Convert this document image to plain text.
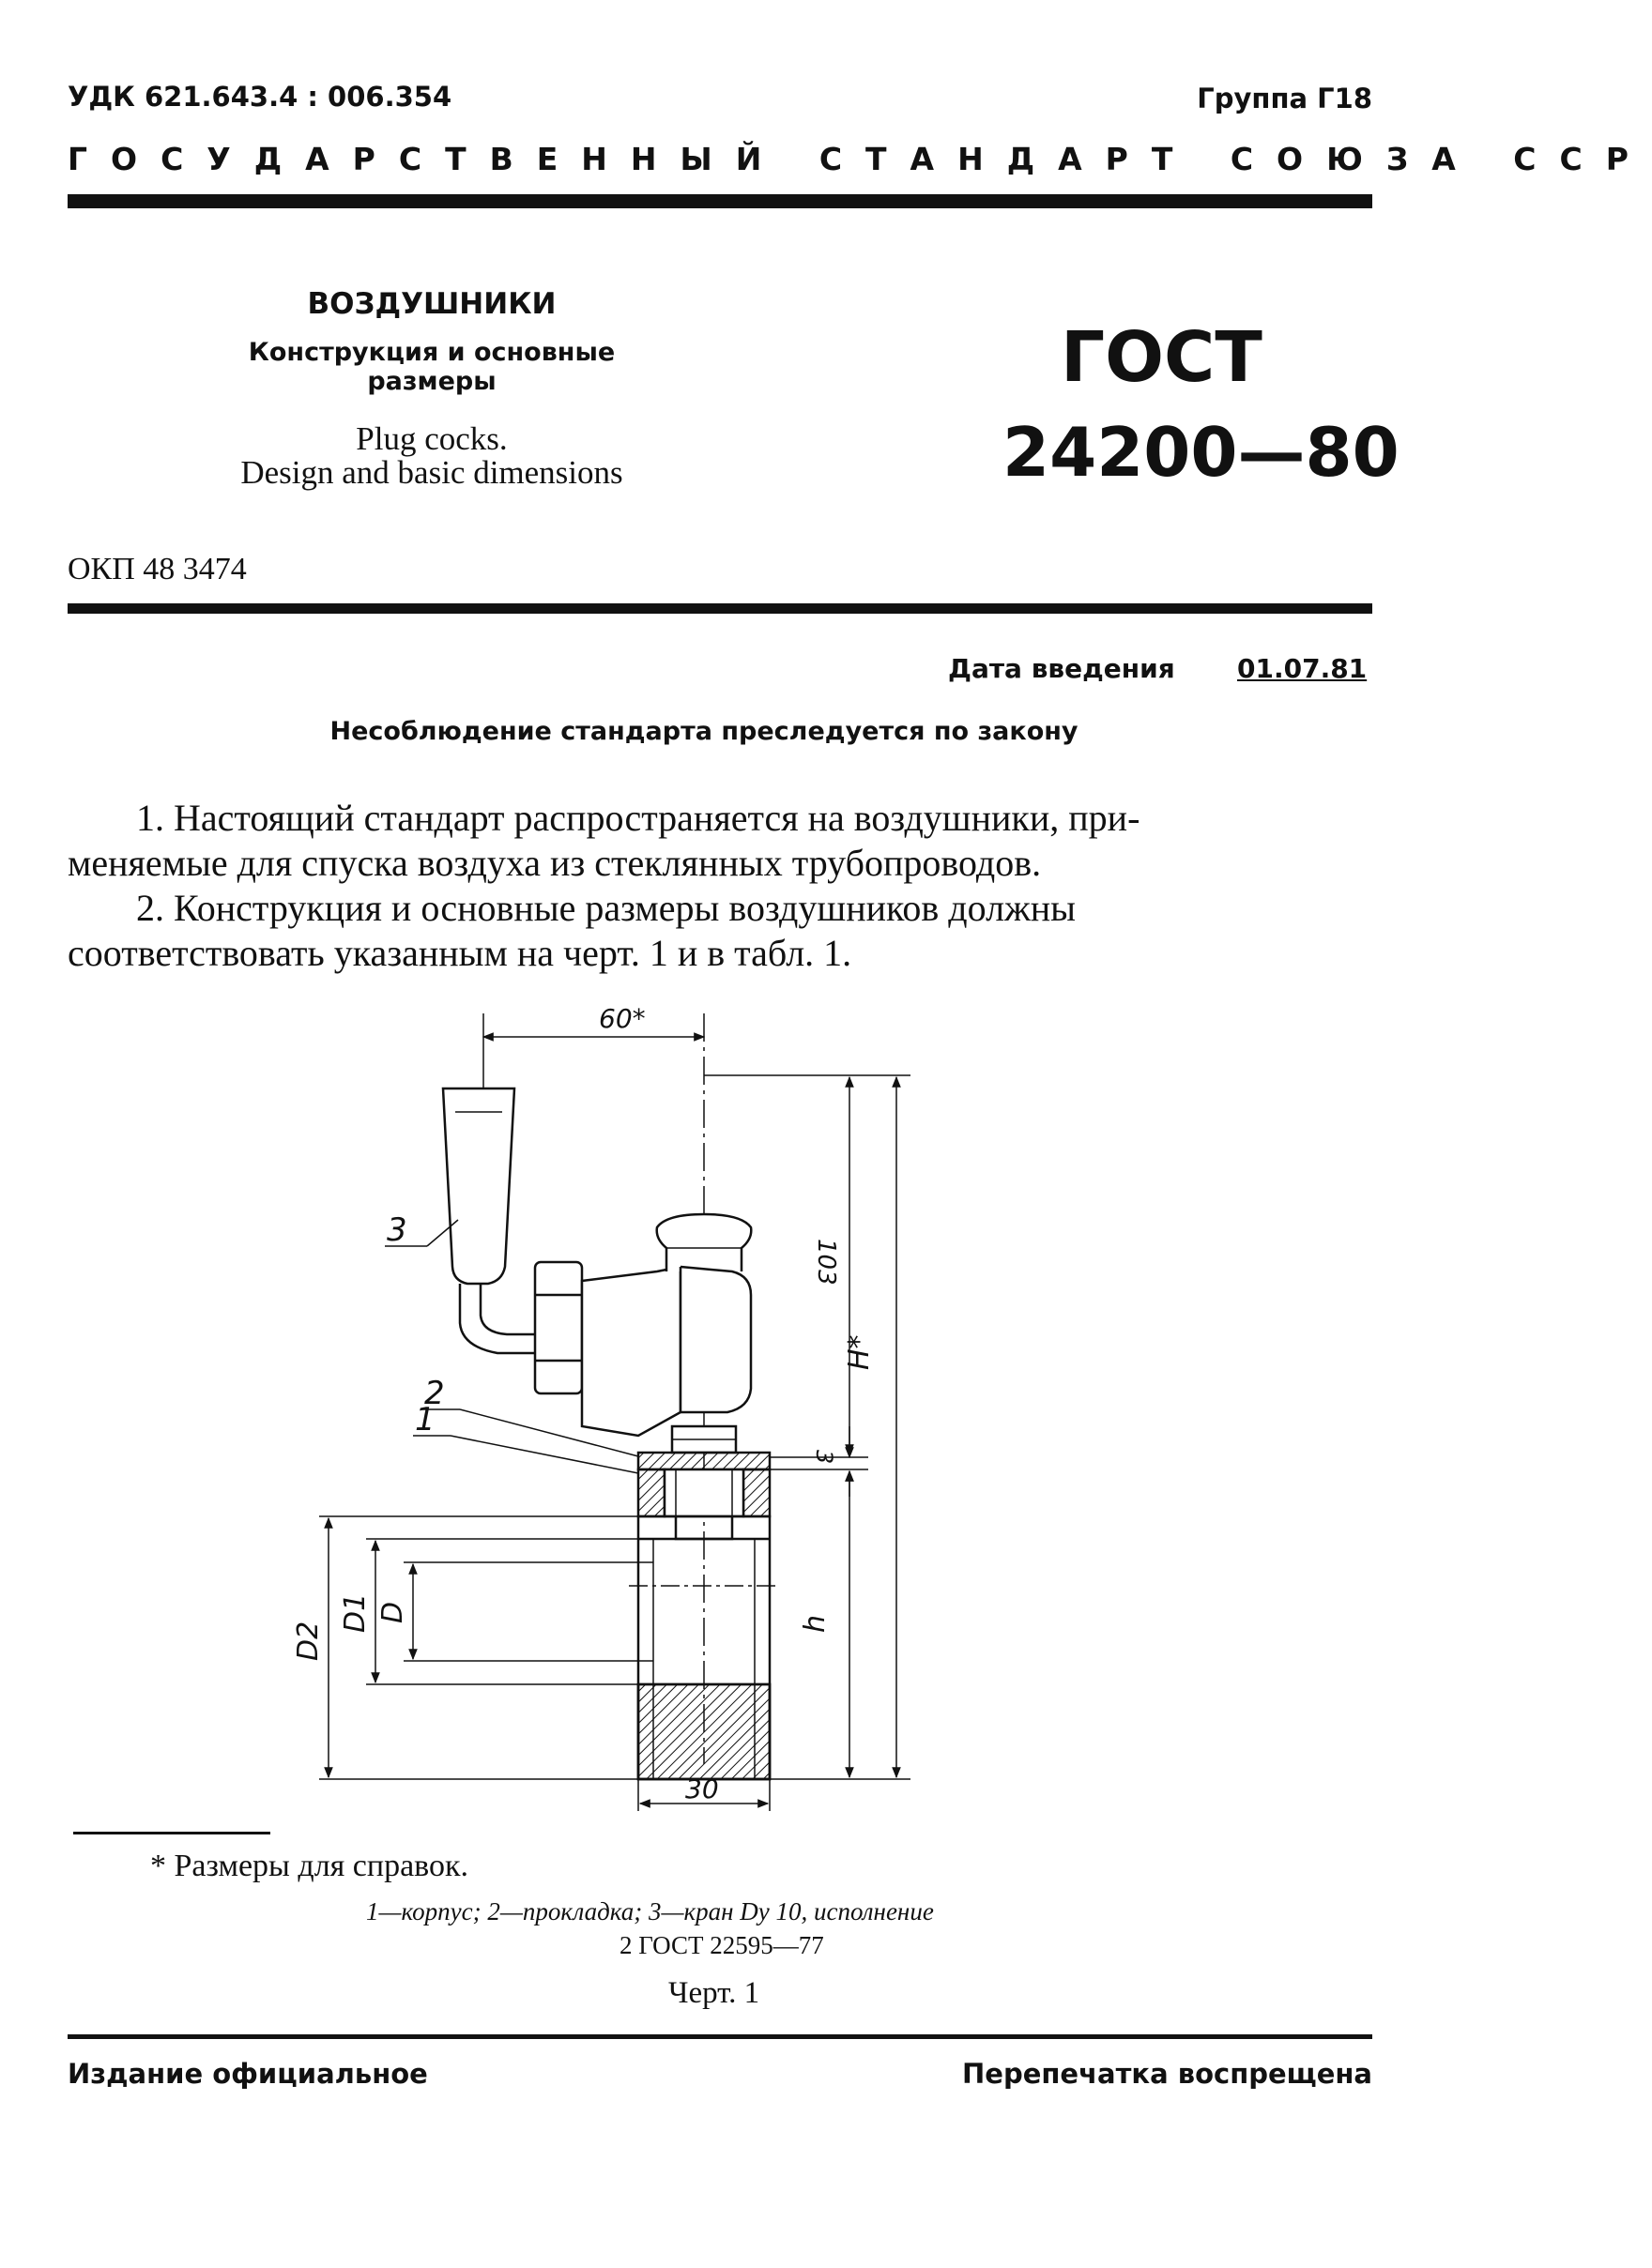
УДК 621.643.4 : 006.354	Группа Г18
ГОСУДАРСТВЕННЫЙ СТАНДАРТ СОЮЗА ССР
ВОЗДУШНИКИ
Конструкция и основные размеры
Plug cocks.
Design and basic dimensions
ГОСТ
24200—80
ОКП 48 3474
Дата введения 01.07.81
Несоблюдение стандарта преследуется по закону
1. Настоящий стандарт распространяется на воздушники, при-
меняемые для спуска воздуха из стеклянных трубопроводов.
2. Конструкция и основные размеры воздушников должны
соответствовать указанным на черт. 1 и в табл. 1.
60*
103
3
H*
h
D2
D1 D
30
3
2
1
* Размеры для справок.
1—корпус; 2—прокладка; 3—кран Dу 10, исполнение
2 ГОСТ 22595—77
Черт. 1
Издание официальное	Перепечатка воспрещена
